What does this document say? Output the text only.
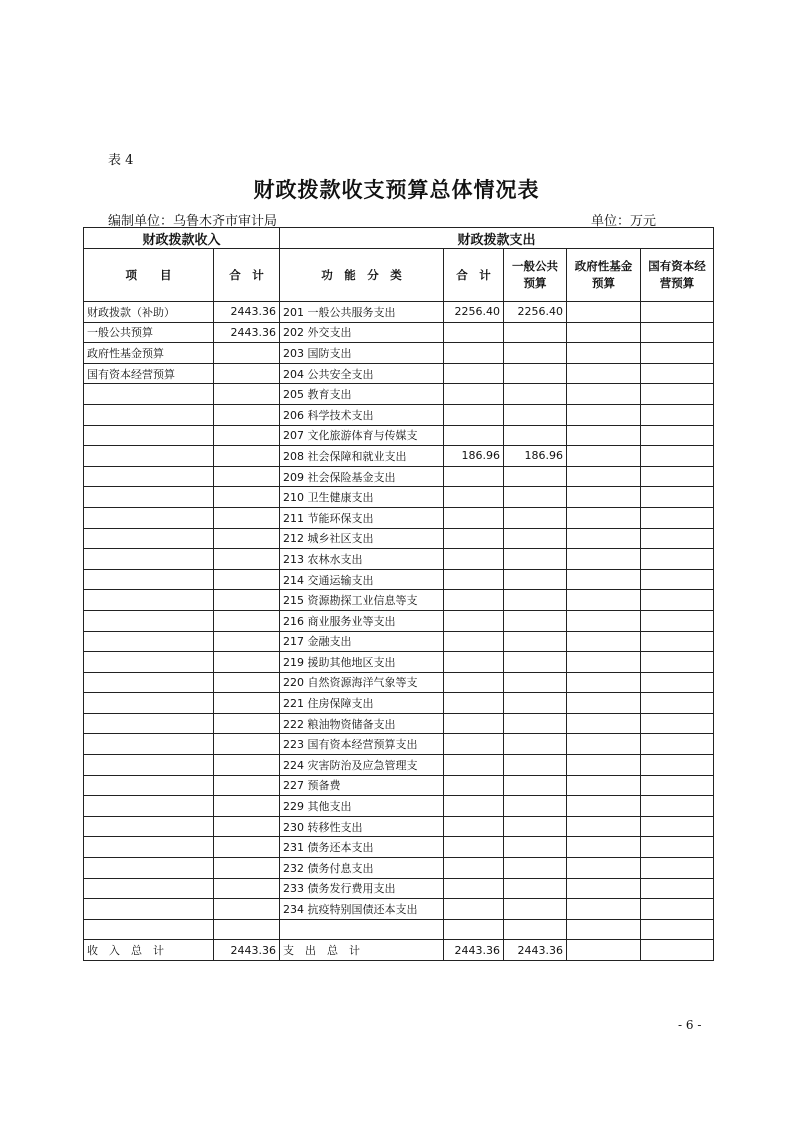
表 4
财政拨款收支预算总体情况表
编制单位：乌鲁木齐市审计局	单位：万元
财政拨款收入		财政拨款支出				
项　　目	合　计	功　能　分　类	合　计	一般公共预算	政府性基金预算	国有资本经营预算
财政拨款（补助）	2443.36	201 一般公共服务支出	2256.40	2256.40		
一般公共预算	2443.36	202 外交支出				
政府性基金预算		203 国防支出				
国有资本经营预算		204 公共安全支出				
		205 教育支出				
		206 科学技术支出				
		207 文化旅游体育与传媒支				
		208 社会保障和就业支出	186.96	186.96		
		209 社会保险基金支出				
		210 卫生健康支出				
		211 节能环保支出				
		212 城乡社区支出				
		213 农林水支出				
		214 交通运输支出				
		215 资源勘探工业信息等支				
		216 商业服务业等支出				
		217 金融支出				
		219 援助其他地区支出				
		220 自然资源海洋气象等支				
		221 住房保障支出				
		222 粮油物资储备支出				
		223 国有资本经营预算支出				
		224 灾害防治及应急管理支				
		227 预备费				
		229 其他支出				
		230 转移性支出				
		231 债务还本支出				
		232 债务付息支出				
		233 债务发行费用支出				
		234 抗疫特别国债还本支出				

收　入　总　计	2443.36	支　出　总　计	2443.36	2443.36		
- 6 -
